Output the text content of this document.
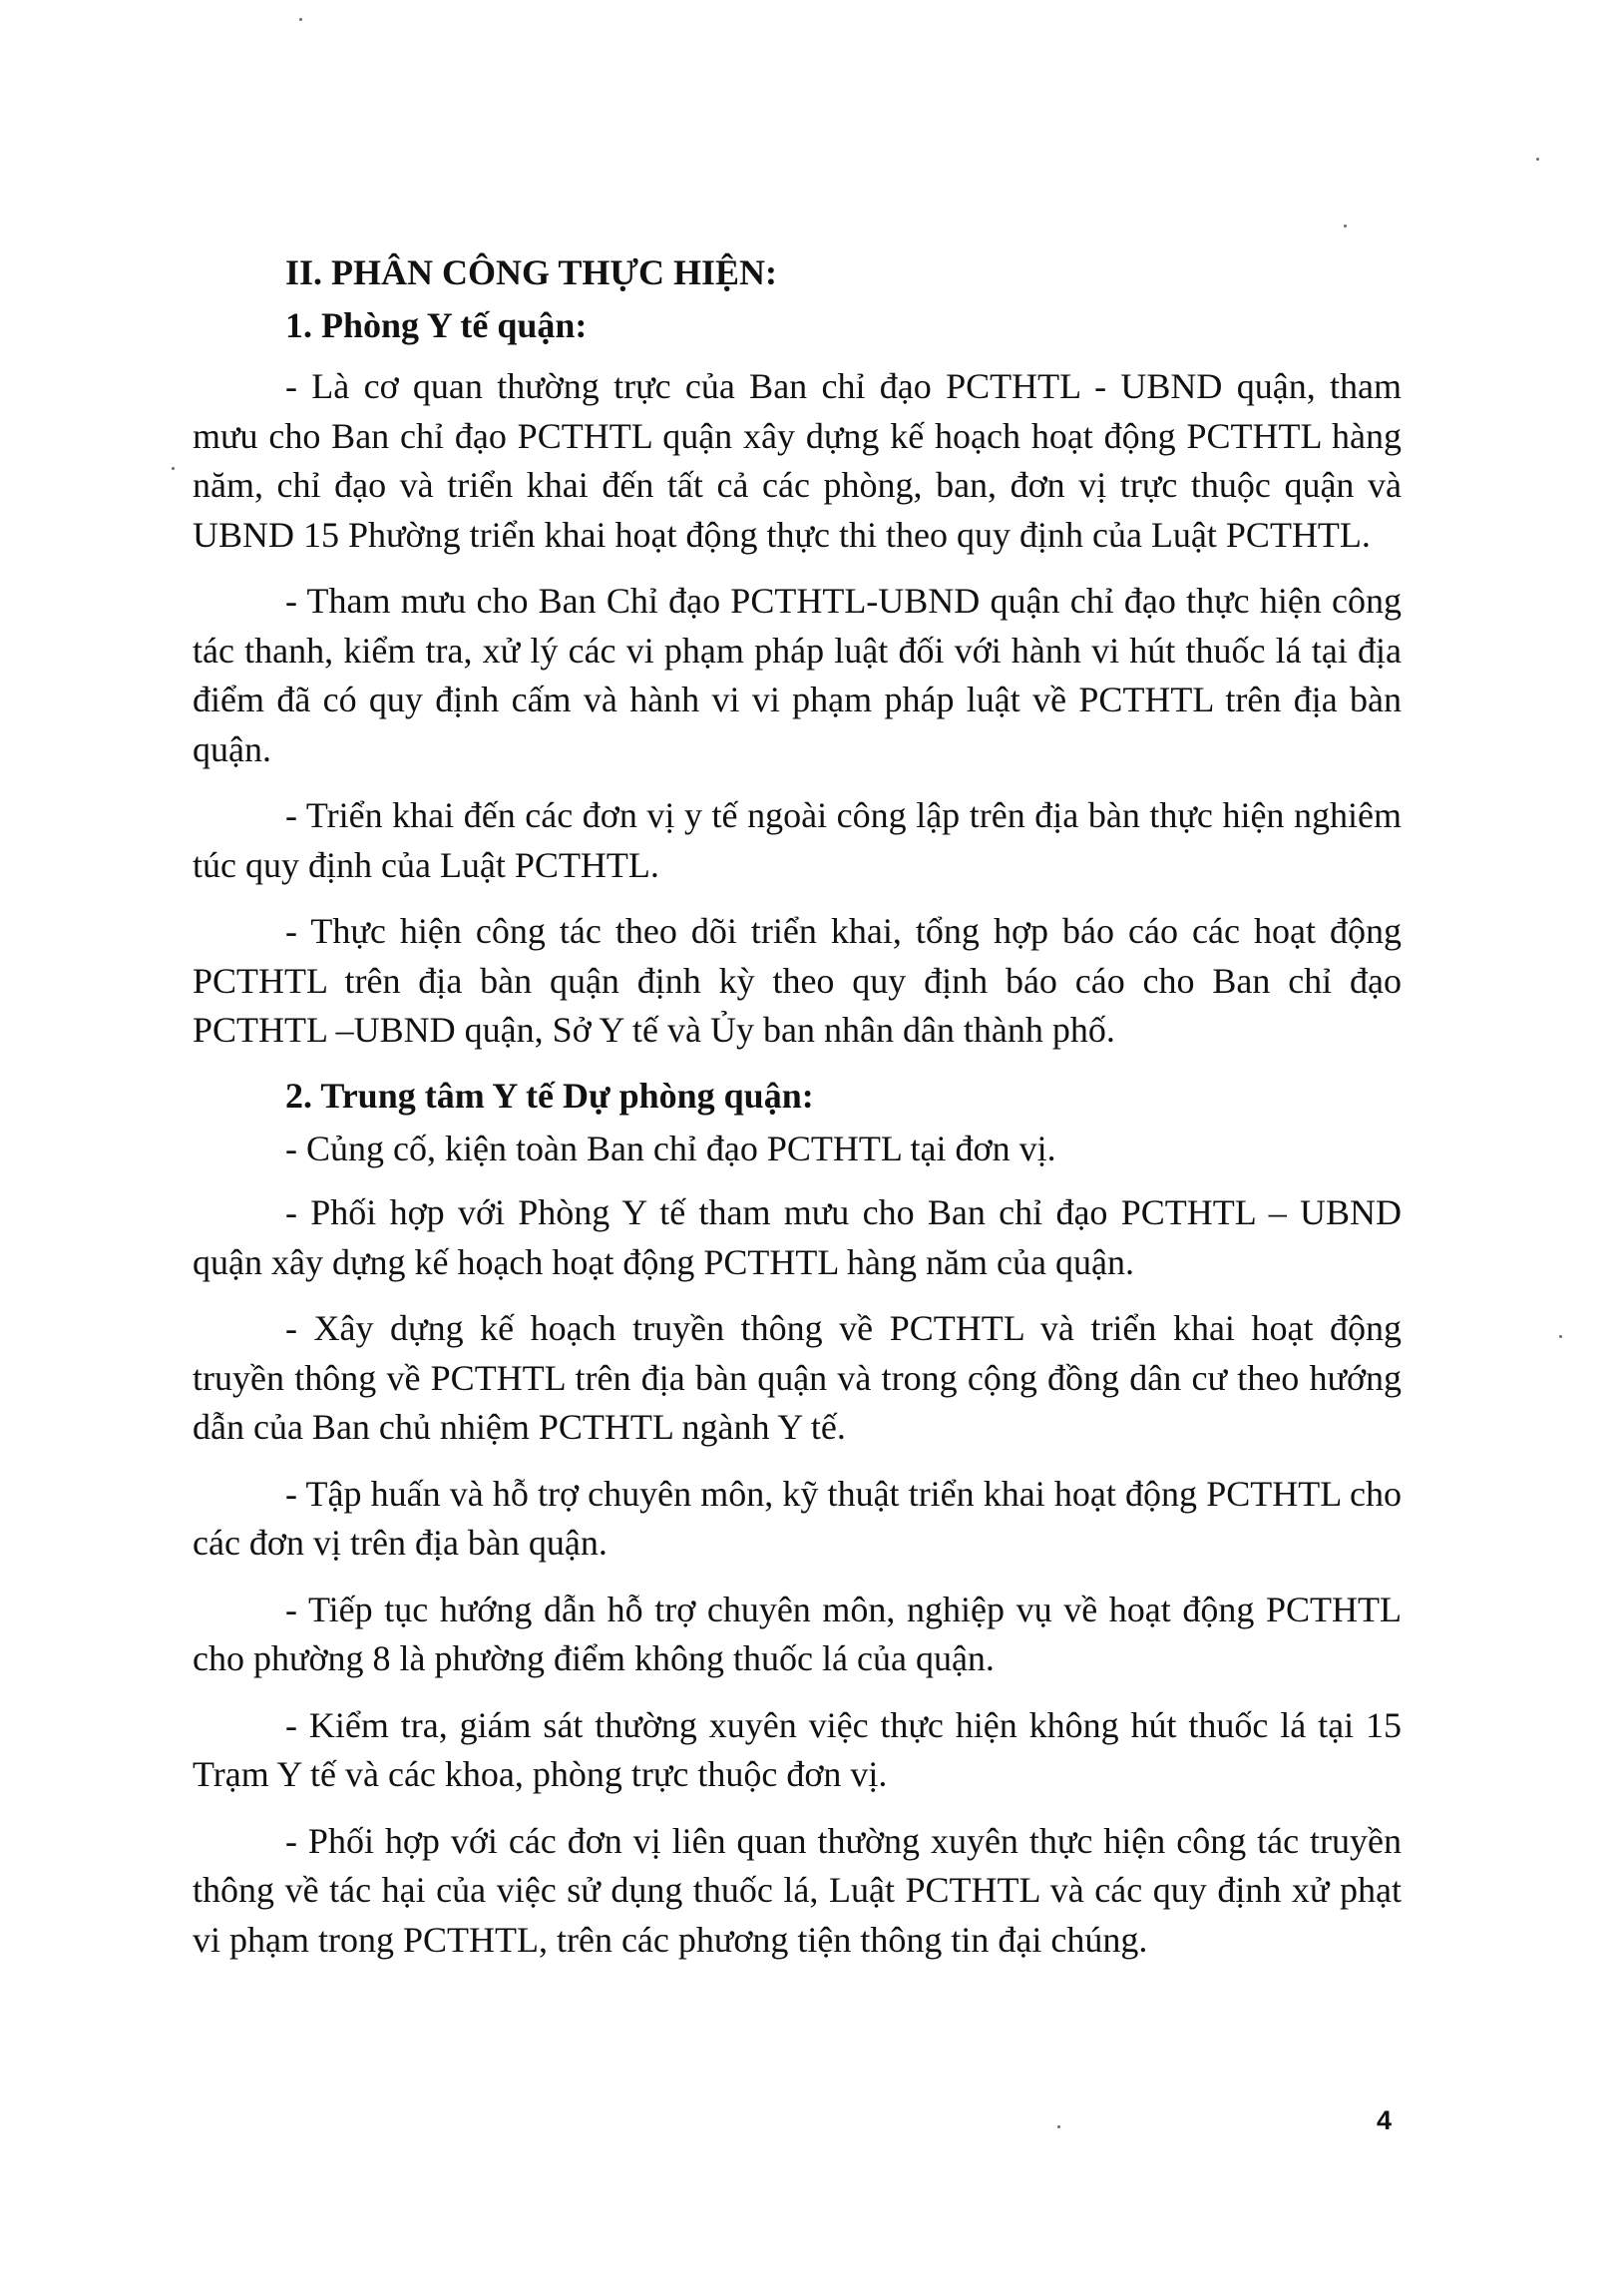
II. PHÂN CÔNG THỰC HIỆN:

1. Phòng Y tế quận:

- Là cơ quan thường trực của Ban chỉ đạo PCTHTL - UBND quận, tham mưu cho Ban chỉ đạo PCTHTL quận xây dựng kế hoạch hoạt động PCTHTL hàng năm, chỉ đạo và triển khai đến tất cả các phòng, ban, đơn vị trực thuộc quận và UBND 15 Phường triển khai hoạt động thực thi theo quy định của Luật PCTHTL.

- Tham mưu cho Ban Chỉ đạo PCTHTL-UBND quận chỉ đạo thực hiện công tác thanh, kiểm tra, xử lý các vi phạm pháp luật đối với hành vi hút thuốc lá tại địa điểm đã có quy định cấm và hành vi vi phạm pháp luật về PCTHTL trên địa bàn quận.

- Triển khai đến các đơn vị y tế ngoài công lập trên địa bàn thực hiện nghiêm túc quy định của Luật PCTHTL.

- Thực hiện công tác theo dõi triển khai, tổng hợp báo cáo các hoạt động PCTHTL trên địa bàn quận định kỳ theo quy định báo cáo cho Ban chỉ đạo PCTHTL –UBND quận, Sở Y tế và Ủy ban nhân dân thành phố.

2. Trung tâm Y tế Dự phòng quận:

- Củng cố, kiện toàn Ban chỉ đạo PCTHTL tại đơn vị.

- Phối hợp với Phòng Y tế tham mưu cho Ban chỉ đạo PCTHTL – UBND quận xây dựng kế hoạch hoạt động PCTHTL hàng năm của quận.

- Xây dựng kế hoạch truyền thông về PCTHTL và triển khai hoạt động truyền thông về PCTHTL trên địa bàn quận và trong cộng đồng dân cư theo hướng dẫn của Ban chủ nhiệm PCTHTL ngành Y tế.

- Tập huấn và hỗ trợ chuyên môn, kỹ thuật triển khai hoạt động PCTHTL cho các đơn vị trên địa bàn quận.

- Tiếp tục hướng dẫn hỗ trợ chuyên môn, nghiệp vụ về hoạt động PCTHTL cho phường 8 là phường điểm không thuốc lá của quận.

- Kiểm tra, giám sát thường xuyên việc thực hiện không hút thuốc lá tại 15 Trạm Y tế và các khoa, phòng trực thuộc đơn vị.

- Phối hợp với các đơn vị liên quan thường xuyên thực hiện công tác truyền thông về tác hại của việc sử dụng thuốc lá, Luật PCTHTL và các quy định xử phạt vi phạm trong PCTHTL, trên các phương tiện thông tin đại chúng.

4
